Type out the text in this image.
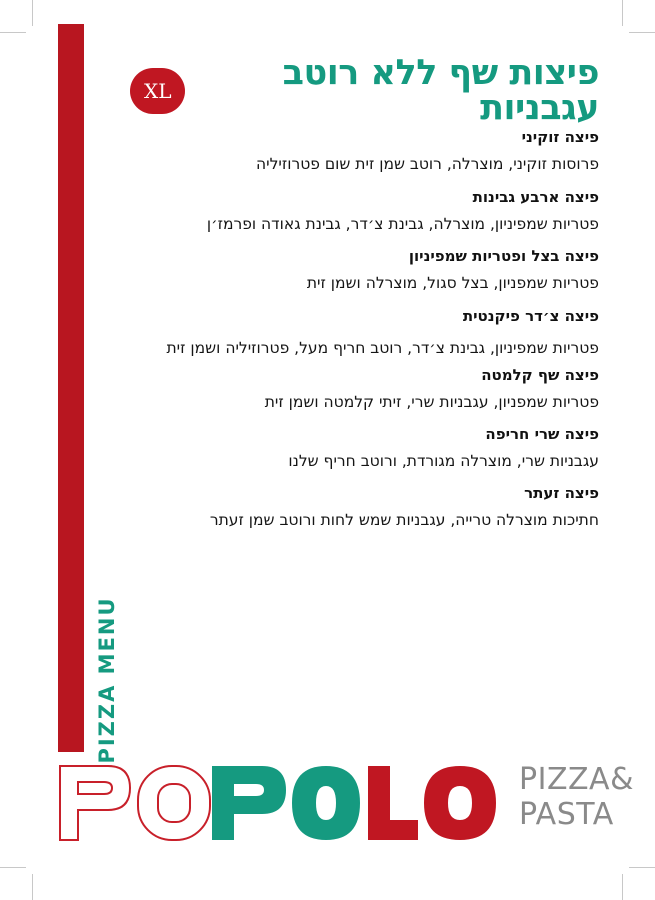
PIZZA MENU
פיצות שף ללא רוטב עגבניות
XL
פיצה זוקיני
פרוסות זוקיני, מוצרלה, רוטב שמן זית שום פטרוזיליה
פיצה ארבע גבינות
פטריות שמפיניון, מוצרלה, גבינת צ׳דר, גבינת גאודה ופרמז׳ן
פיצה בצל ופטריות שמפיניון
פטריות שמפניון, בצל סגול, מוצרלה ושמן זית
פיצה צ׳דר פיקנטית
פטריות שמפיניון, גבינת צ׳דר, רוטב חריף מעל, פטרוזיליה ושמן זית
פיצה שף קלמטה
פטריות שמפניון, עגבניות שרי, זיתי קלמטה ושמן זית
פיצה שרי חריפה
עגבניות שרי, מוצרלה מגורדת, ורוטב חריף שלנו
פיצה זעתר
חתיכות מוצרלה טרייה, עגבניות שמש לחות ורוטב שמן זעתר
PIZZA&
PASTA
